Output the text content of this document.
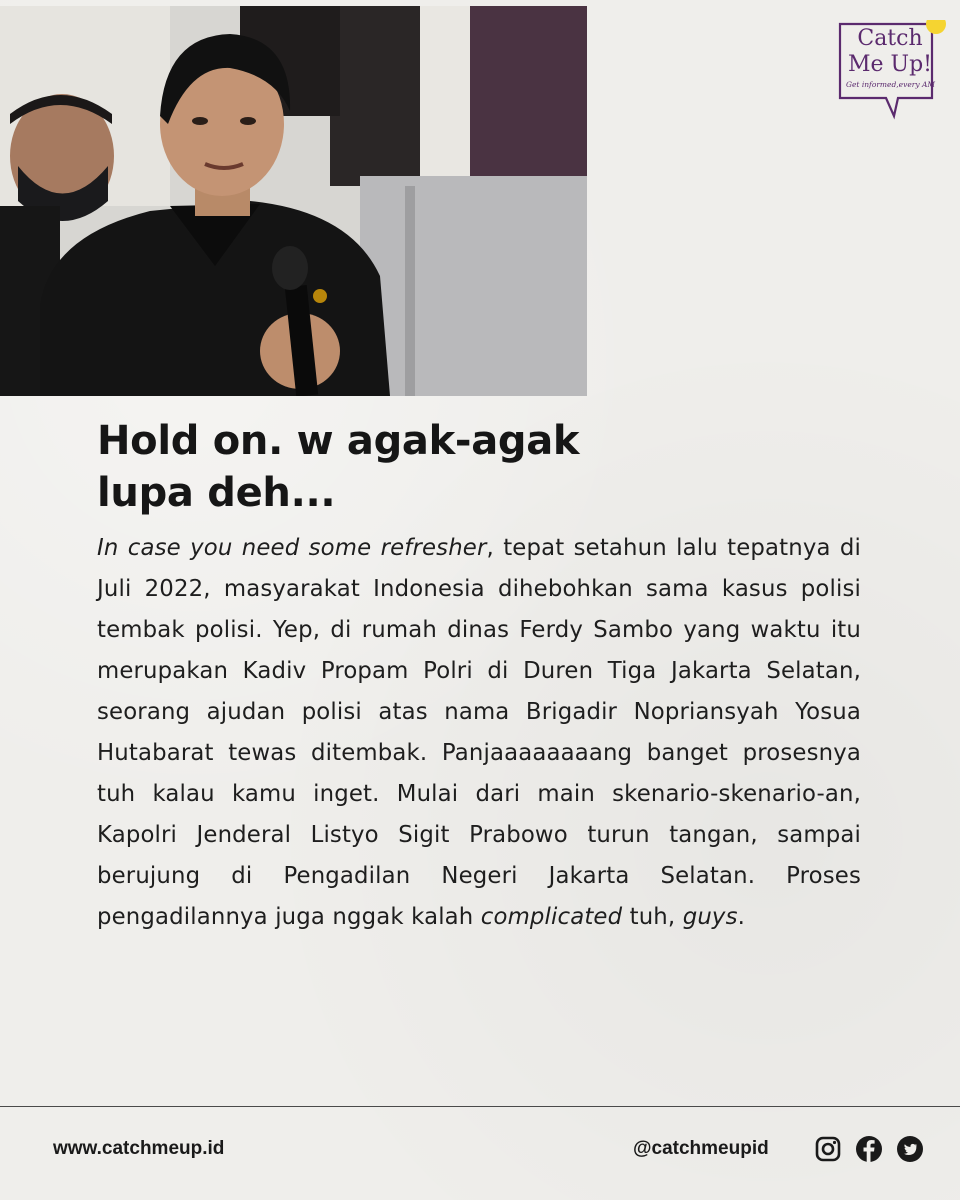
Catch
Me Up!
Get informed,every AM
Hold on. w agak-agak
lupa deh...

In case you need some refresher, tepat setahun lalu tepatnya di Juli 2022, masyarakat Indonesia dihebohkan sama kasus polisi tembak polisi. Yep, di rumah dinas Ferdy Sambo yang waktu itu merupakan Kadiv Propam Polri di Duren Tiga Jakarta Selatan, seorang ajudan polisi atas nama Brigadir Nopriansyah Yosua Hutabarat tewas ditembak. Panjaaaaaaaang banget prosesnya tuh kalau kamu inget. Mulai dari main skenario-skenario-an, Kapolri Jenderal Listyo Sigit Prabowo turun tangan, sampai berujung di Pengadilan Negeri Jakarta Selatan. Proses pengadilannya juga nggak kalah complicated tuh, guys.

www.catchmeup.id	@catchmeupid
